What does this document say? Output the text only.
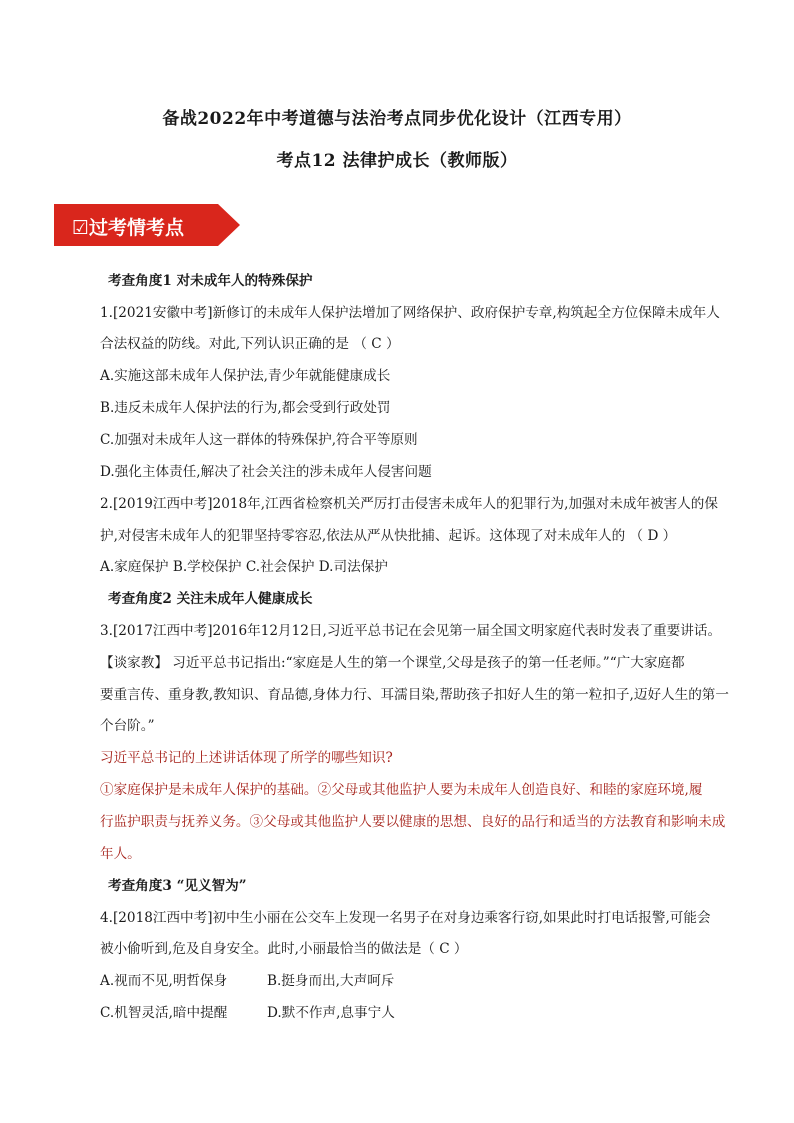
备战2022年中考道德与法治考点同步优化设计（江西专用）
考点12 法律护成长（教师版）
☑过考情考点
考查角度1 对未成年人的特殊保护
1.[2021安徽中考]新修订的未成年人保护法增加了网络保护、政府保护专章,构筑起全方位保障未成年人
合法权益的防线。对此,下列认识正确的是 （ C ）
A.实施这部未成年人保护法,青少年就能健康成长
B.违反未成年人保护法的行为,都会受到行政处罚
C.加强对未成年人这一群体的特殊保护,符合平等原则
D.强化主体责任,解决了社会关注的涉未成年人侵害问题
2.[2019江西中考]2018年,江西省检察机关严厉打击侵害未成年人的犯罪行为,加强对未成年被害人的保
护,对侵害未成年人的犯罪坚持零容忍,依法从严从快批捕、起诉。这体现了对未成年人的 （ D ）
A.家庭保护 B.学校保护 C.社会保护 D.司法保护
考查角度2 关注未成年人健康成长
3.[2017江西中考]2016年12月12日,习近平总书记在会见第一届全国文明家庭代表时发表了重要讲话。
【谈家教】 习近平总书记指出:“家庭是人生的第一个课堂,父母是孩子的第一任老师。”“广大家庭都
要重言传、重身教,教知识、育品德,身体力行、耳濡目染,帮助孩子扣好人生的第一粒扣子,迈好人生的第一
个台阶。”
习近平总书记的上述讲话体现了所学的哪些知识?
①家庭保护是未成年人保护的基础。②父母或其他监护人要为未成年人创造良好、和睦的家庭环境,履
行监护职责与抚养义务。③父母或其他监护人要以健康的思想、良好的品行和适当的方法教育和影响未成
年人。
考查角度3 “见义智为”
4.[2018江西中考]初中生小丽在公交车上发现一名男子在对身边乘客行窃,如果此时打电话报警,可能会
被小偷听到,危及自身安全。此时,小丽最恰当的做法是（ C ）
A.视而不见,明哲保身	B.挺身而出,大声呵斥
C.机智灵活,暗中提醒	D.默不作声,息事宁人
